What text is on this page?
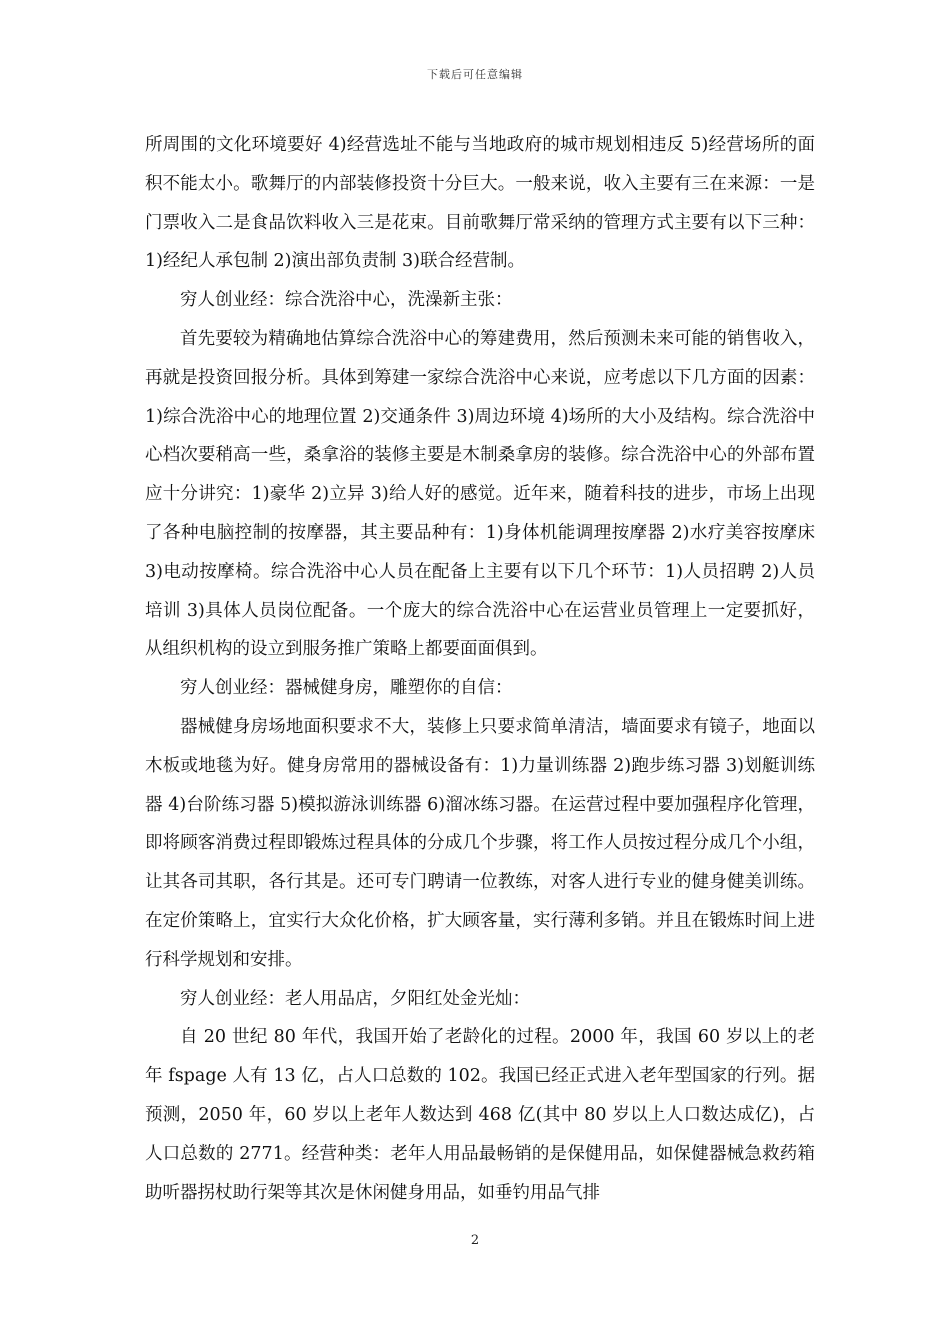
下载后可任意编辑

所周围的文化环境要好 4)经营选址不能与当地政府的城市规划相违反 5)经营场所的面积不能太小。歌舞厅的内部装修投资十分巨大。一般来说，收入主要有三在来源：一是门票收入二是食品饮料收入三是花束。目前歌舞厅常采纳的管理方式主要有以下三种：1)经纪人承包制 2)演出部负责制 3)联合经营制。

穷人创业经：综合洗浴中心，洗澡新主张：

首先要较为精确地估算综合洗浴中心的筹建费用，然后预测未来可能的销售收入，再就是投资回报分析。具体到筹建一家综合洗浴中心来说，应考虑以下几方面的因素：1)综合洗浴中心的地理位置 2)交通条件 3)周边环境 4)场所的大小及结构。综合洗浴中心档次要稍高一些，桑拿浴的装修主要是木制桑拿房的装修。综合洗浴中心的外部布置应十分讲究：1)豪华 2)立异 3)给人好的感觉。近年来，随着科技的进步，市场上出现了各种电脑控制的按摩器，其主要品种有：1)身体机能调理按摩器 2)水疗美容按摩床 3)电动按摩椅。综合洗浴中心人员在配备上主要有以下几个环节：1)人员招聘 2)人员培训 3)具体人员岗位配备。一个庞大的综合洗浴中心在运营业员管理上一定要抓好，从组织机构的设立到服务推广策略上都要面面俱到。

穷人创业经：器械健身房，雕塑你的自信：

器械健身房场地面积要求不大，装修上只要求简单清洁，墙面要求有镜子，地面以木板或地毯为好。健身房常用的器械设备有：1)力量训练器 2)跑步练习器 3)划艇训练器 4)台阶练习器 5)模拟游泳训练器 6)溜冰练习器。在运营过程中要加强程序化管理，即将顾客消费过程即锻炼过程具体的分成几个步骤，将工作人员按过程分成几个小组，让其各司其职，各行其是。还可专门聘请一位教练，对客人进行专业的健身健美训练。在定价策略上，宜实行大众化价格，扩大顾客量，实行薄利多销。并且在锻炼时间上进行科学规划和安排。

穷人创业经：老人用品店，夕阳红处金光灿：

自 20 世纪 80 年代，我国开始了老龄化的过程。2000 年，我国 60 岁以上的老年 fspage 人有 13 亿，占人口总数的 102。我国已经正式进入老年型国家的行列。据预测，2050 年，60 岁以上老年人数达到 468 亿(其中 80 岁以上人口数达成亿)，占人口总数的 2771。经营种类：老年人用品最畅销的是保健用品，如保健器械急救药箱助听器拐杖助行架等其次是休闲健身用品，如垂钓用品气排

2
